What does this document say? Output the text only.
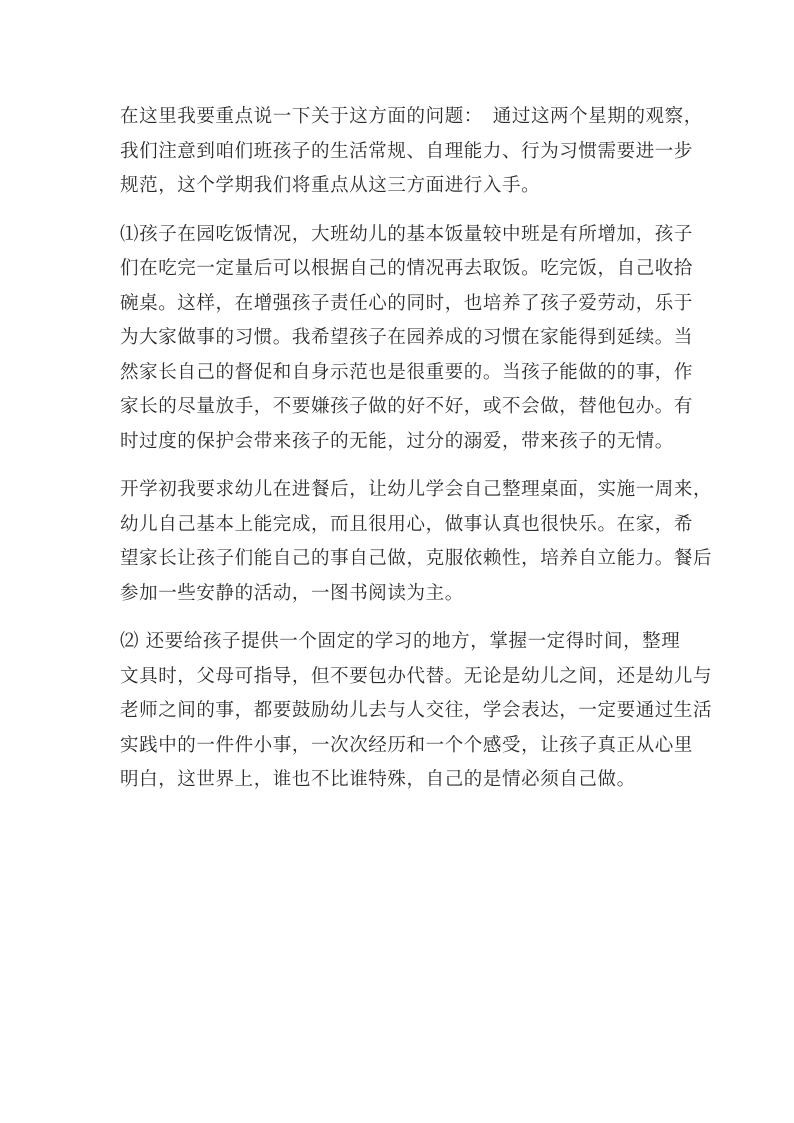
在这里我要重点说一下关于这方面的问题：　通过这两个星期的观察，
我们注意到咱们班孩子的生活常规、自理能力、行为习惯需要进一步
规范，这个学期我们将重点从这三方面进行入手。
⑴孩子在园吃饭情况，大班幼儿的基本饭量较中班是有所增加，孩子
们在吃完一定量后可以根据自己的情况再去取饭。吃完饭，自己收拾
碗桌。这样，在增强孩子责任心的同时，也培养了孩子爱劳动，乐于
为大家做事的习惯。我希望孩子在园养成的习惯在家能得到延续。当
然家长自己的督促和自身示范也是很重要的。当孩子能做的的事，作
家长的尽量放手，不要嫌孩子做的好不好，或不会做，替他包办。有
时过度的保护会带来孩子的无能，过分的溺爱，带来孩子的无情。
开学初我要求幼儿在进餐后，让幼儿学会自己整理桌面，实施一周来，
幼儿自己基本上能完成，而且很用心，做事认真也很快乐。在家，希
望家长让孩子们能自己的事自己做，克服依赖性，培养自立能力。餐后
参加一些安静的活动，一图书阅读为主。
⑵ 还要给孩子提供一个固定的学习的地方，掌握一定得时间，整理
文具时，父母可指导，但不要包办代替。无论是幼儿之间，还是幼儿与
老师之间的事，都要鼓励幼儿去与人交往，学会表达，一定要通过生活
实践中的一件件小事，一次次经历和一个个感受，让孩子真正从心里
明白，这世界上，谁也不比谁特殊，自己的是情必须自己做。
